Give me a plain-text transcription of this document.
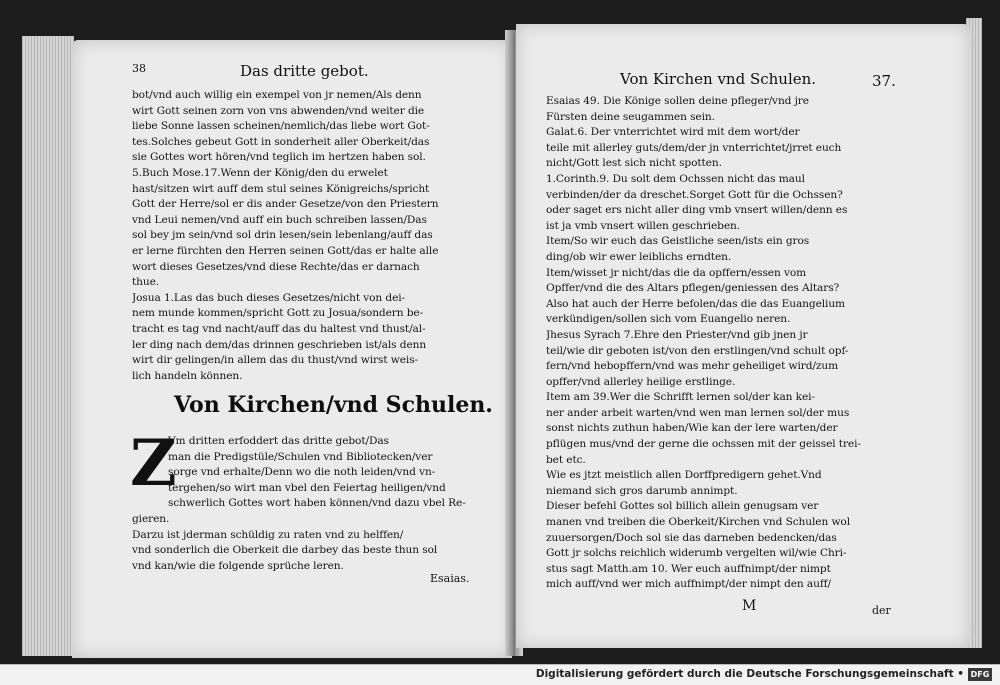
38	Das dritte gebot.
bot/vnd auch willig ein exempel von jr nemen/Als denn
wirt Gott seinen zorn von vns abwenden/vnd weiter die
liebe Sonne lassen scheinen/nemlich/das liebe wort Got-
tes.Solches gebeut Gott in sonderheit aller Oberkeit/das
sie Gottes wort hören/vnd teglich im hertzen haben sol.
5.Buch Mose.17.Wenn der König/den du erwelet
hast/sitzen wirt auff dem stul seines Königreichs/spricht
Gott der Herre/sol er dis ander Gesetze/von den Priestern
vnd Leui nemen/vnd auff ein buch schreiben lassen/Das
sol bey jm sein/vnd sol drin lesen/sein lebenlang/auff das
er lerne fürchten den Herren seinen Gott/das er halte alle
wort dieses Gesetzes/vnd diese Rechte/das er darnach
thue.
Josua 1.Las das buch dieses Gesetzes/nicht von dei-
nem munde kommen/spricht Gott zu Josua/sondern be-
tracht es tag vnd nacht/auff das du haltest vnd thust/al-
ler ding nach dem/das drinnen geschrieben ist/als denn
wirt dir gelingen/in allem das du thust/vnd wirst weis-
lich handeln können.
Von Kirchen/vnd Schulen.
Z
Vm dritten erfoddert das dritte gebot/Das
man die Predigstüle/Schulen vnd Bibliotecken/ver
sorge vnd erhalte/Denn wo die noth leiden/vnd vn-
tergehen/so wirt man vbel den Feiertag heiligen/vnd
schwerlich Gottes wort haben können/vnd dazu vbel Re-
gieren.
Darzu ist jderman schüldig zu raten vnd zu helffen/
vnd sonderlich die Oberkeit die darbey das beste thun sol
vnd kan/wie die folgende sprüche leren.
Esaias.
Von Kirchen vnd Schulen.	37.
Esaias 49. Die Könige sollen deine pfleger/vnd jre
Fürsten deine seugammen sein.
Galat.6. Der vnterrichtet wird mit dem wort/der
teile mit allerley guts/dem/der jn vnterrichtet/jrret euch
nicht/Gott lest sich nicht spotten.
1.Corinth.9. Du solt dem Ochssen nicht das maul
verbinden/der da dreschet.Sorget Gott für die Ochssen?
oder saget ers nicht aller ding vmb vnsert willen/denn es
ist ja vmb vnsert willen geschrieben.
Item/So wir euch das Geistliche seen/ists ein gros
ding/ob wir ewer leiblichs erndten.
Item/wisset jr nicht/das die da opffern/essen vom
Opffer/vnd die des Altars pflegen/geniessen des Altars?
Also hat auch der Herre befolen/das die das Euangelium
verkündigen/sollen sich vom Euangelio neren.
Jhesus Syrach 7.Ehre den Priester/vnd gib jnen jr
teil/wie dir geboten ist/von den erstlingen/vnd schult opf-
fern/vnd hebopffern/vnd was mehr geheiliget wird/zum
opffer/vnd allerley heilige erstlinge.
Item am 39.Wer die Schrifft lernen sol/der kan kei-
ner ander arbeit warten/vnd wen man lernen sol/der mus
sonst nichts zuthun haben/Wie kan der lere warten/der
pflügen mus/vnd der gerne die ochssen mit der geissel trei-
bet etc.
Wie es jtzt meistlich allen Dorffpredigern gehet.Vnd
niemand sich gros darumb annimpt.
Dieser befehl Gottes sol billich allein genugsam ver
manen vnd treiben die Oberkeit/Kirchen vnd Schulen wol
zuuersorgen/Doch sol sie das darneben bedencken/das
Gott jr solchs reichlich widerumb vergelten wil/wie Chri-
stus sagt Matth.am 10. Wer euch auffnimpt/der nimpt
mich auff/vnd wer mich auffnimpt/der nimpt den auff/
M	der
Digitalisierung gefördert durch die Deutsche Forschungsgemeinschaft • DFG
